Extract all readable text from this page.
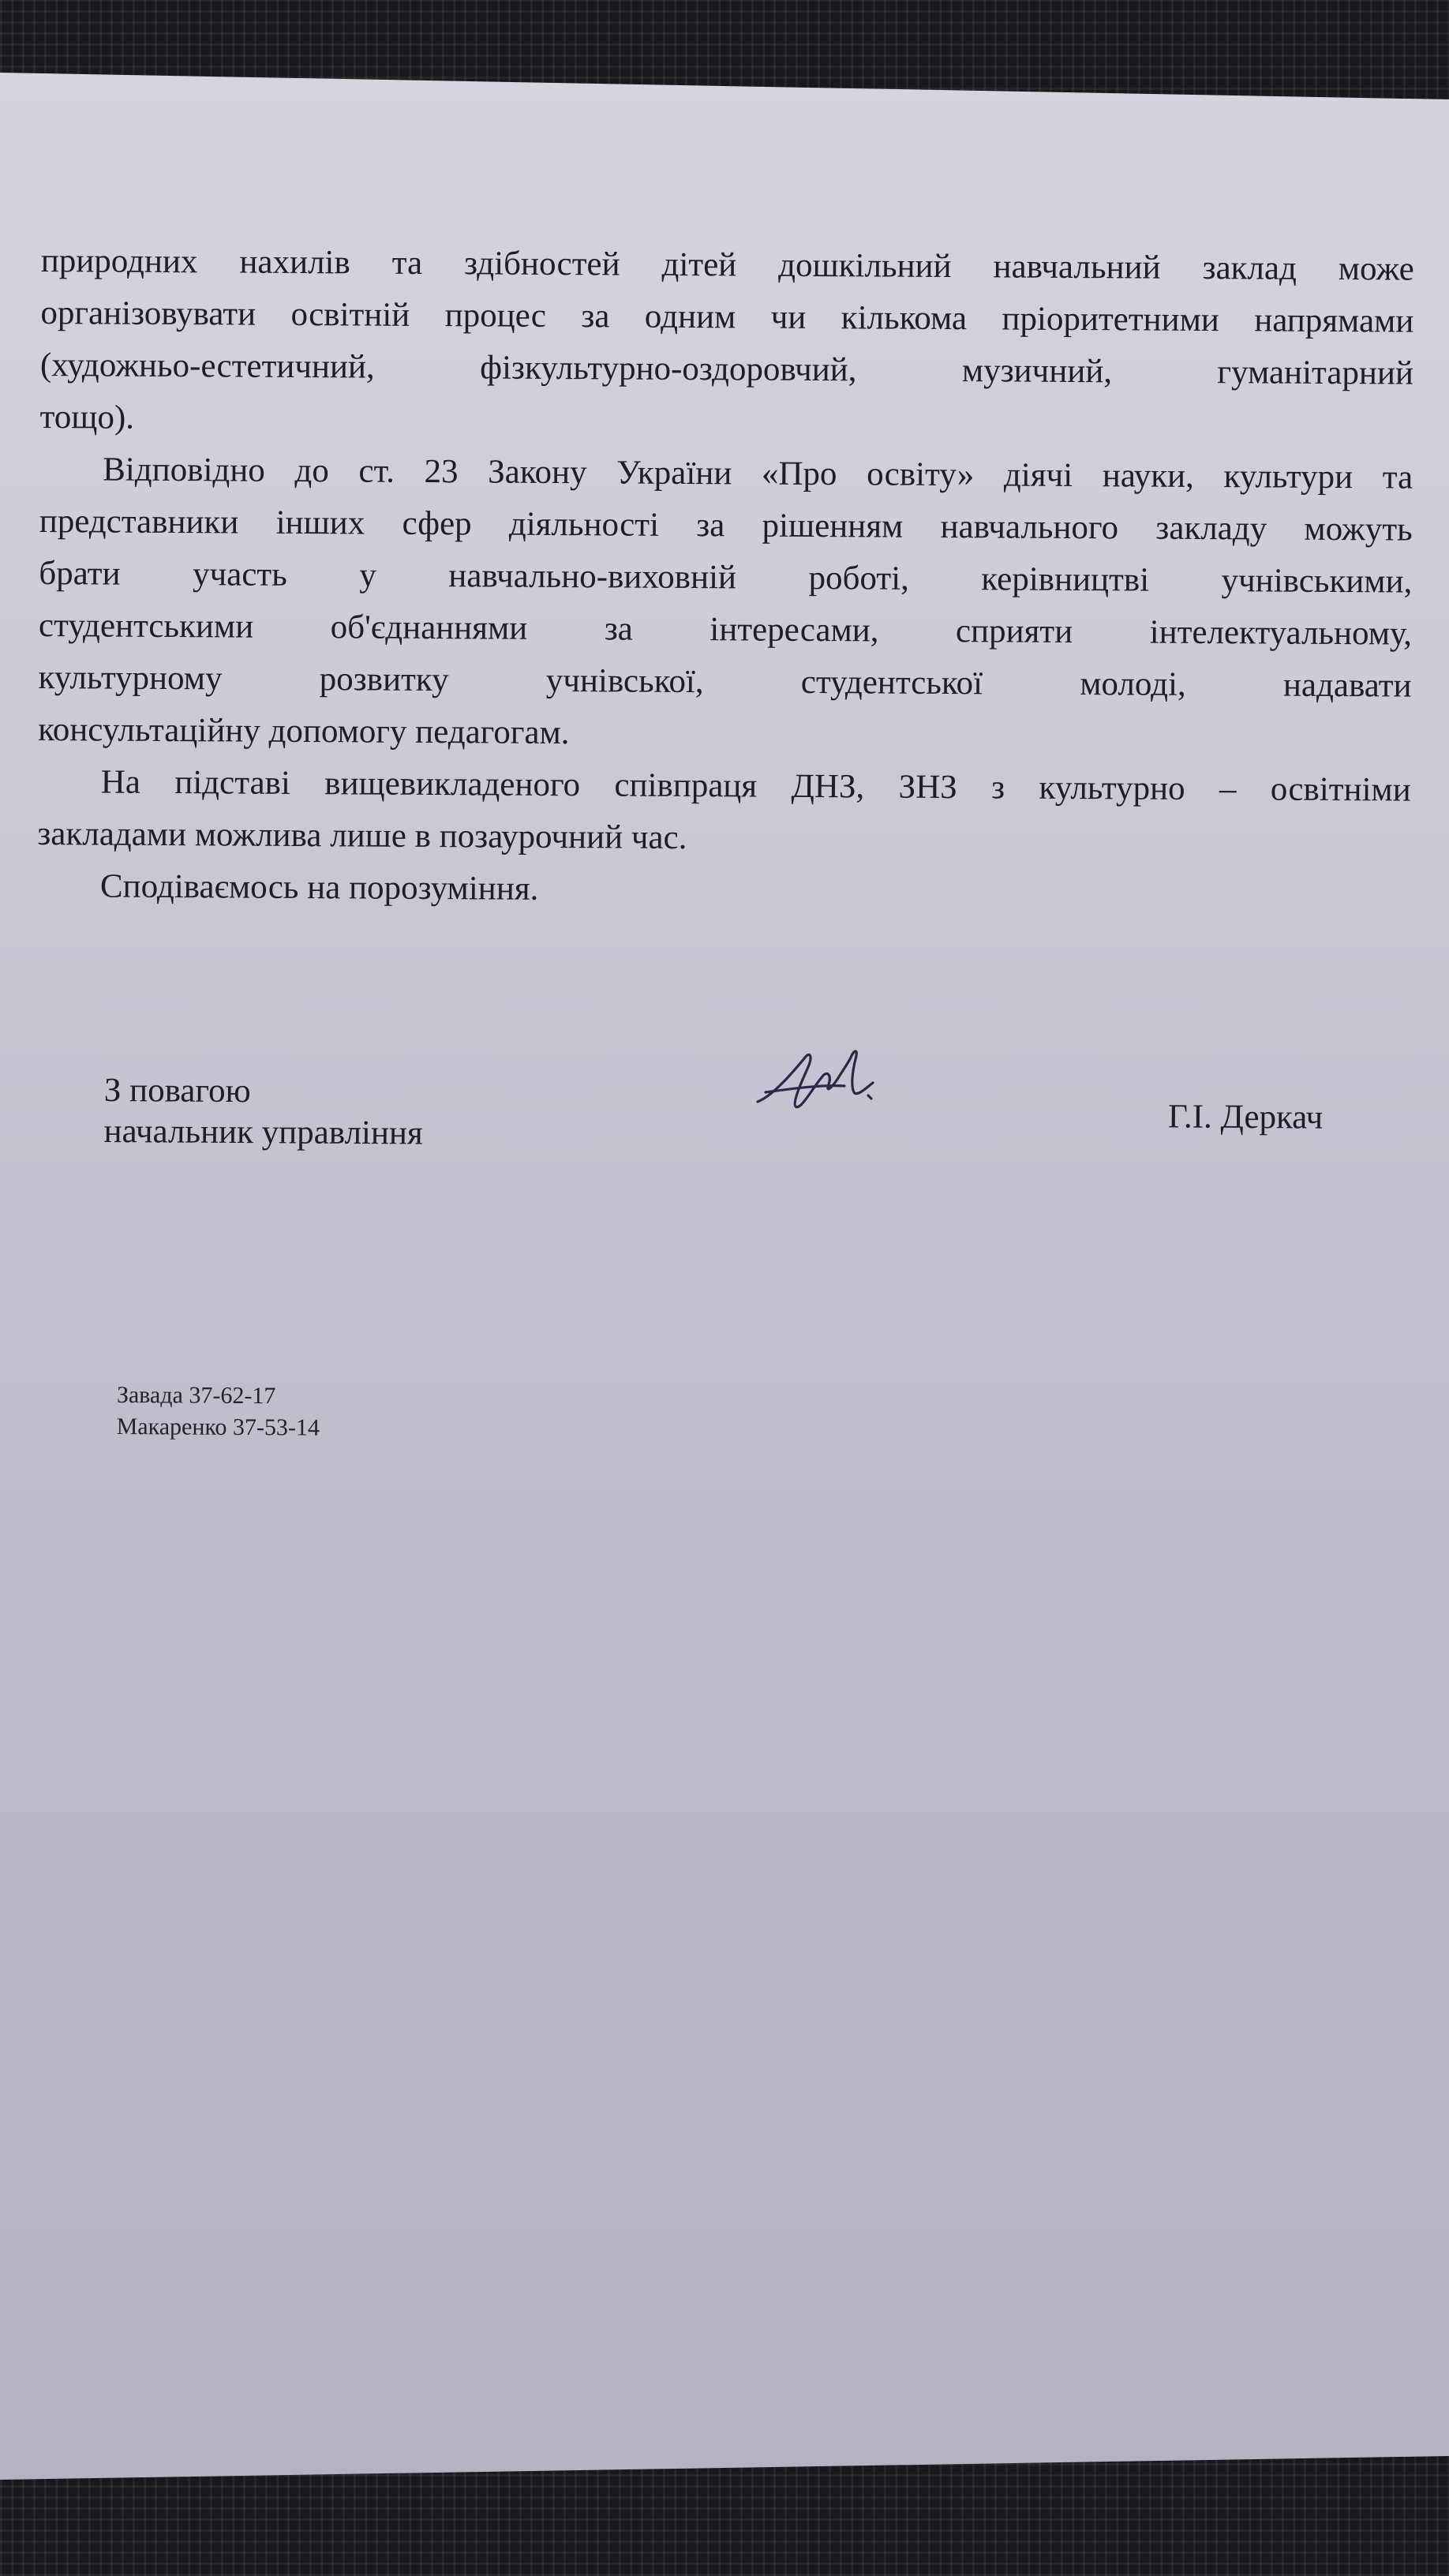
природних нахилів та здібностей дітей дошкільний навчальний заклад може
організовувати освітній процес за одним чи кількома пріоритетними напрямами
(художньо-естетичний, фізкультурно-оздоровчий, музичний, гуманітарний
тощо).
Відповідно до ст. 23 Закону України «Про освіту» діячі науки, культури та
представники інших сфер діяльності за рішенням навчального закладу можуть
брати участь у навчально-виховній роботі, керівництві учнівськими,
студентськими об'єднаннями за інтересами, сприяти інтелектуальному,
культурному розвитку учнівської, студентської молоді, надавати
консультаційну допомогу педагогам.
На підставі вищевикладеного співпраця ДНЗ, ЗНЗ з культурно – освітніми
закладами можлива лише в позаурочний час.
Сподіваємось на порозуміння.
З повагою
начальник управління	Г.І. Деркач
Завада 37-62-17
Макаренко 37-53-14
